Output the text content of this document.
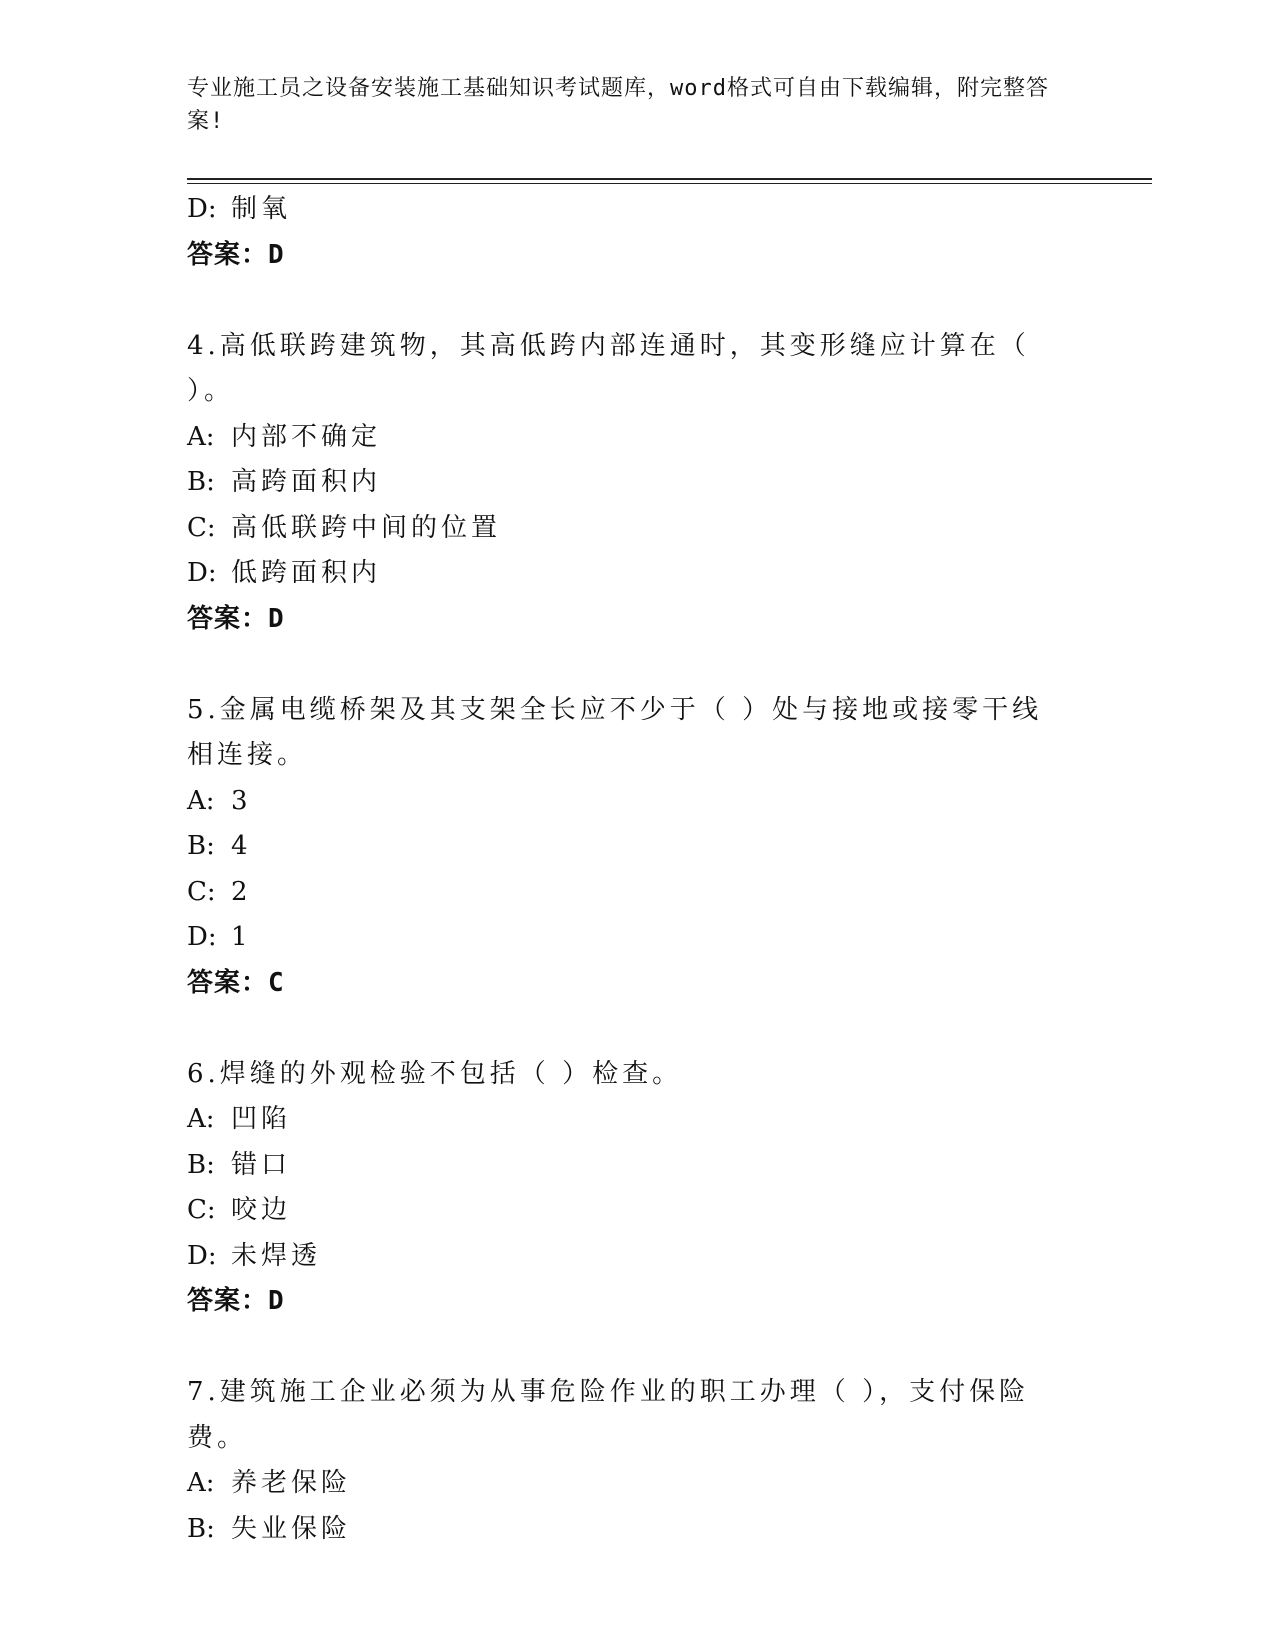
专业施工员之设备安装施工基础知识考试题库，word格式可自由下载编辑，附完整答案!
D: 制氧
答案：D
4.高低联跨建筑物，其高低跨内部连通时，其变形缝应计算在（ ）。
A: 内部不确定
B: 高跨面积内
C: 高低联跨中间的位置
D: 低跨面积内
答案：D
5.金属电缆桥架及其支架全长应不少于（ ）处与接地或接零干线相连接。
A: 3
B: 4
C: 2
D: 1
答案：C
6.焊缝的外观检验不包括（ ）检查。
A: 凹陷
B: 错口
C: 咬边
D: 未焊透
答案：D
7.建筑施工企业必须为从事危险作业的职工办理（ ），支付保险费。
A: 养老保险
B: 失业保险
